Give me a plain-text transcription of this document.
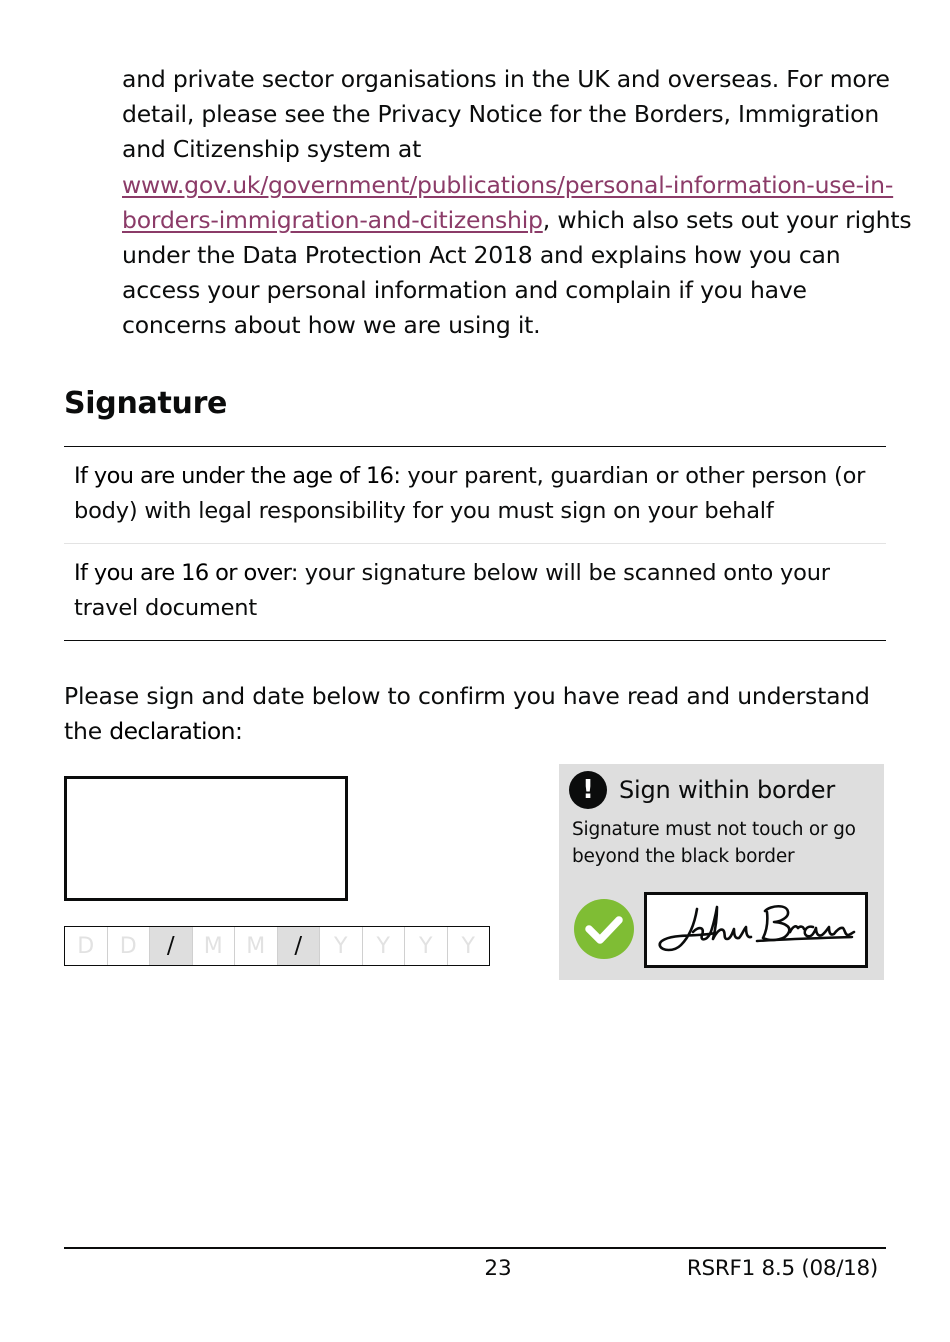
and private sector organisations in the UK and overseas. For more detail, please see the Privacy Notice for the Borders, Immigration and Citizenship system at www.gov.uk/government/publications/personal-information-use-in-borders-immigration-and-citizenship, which also sets out your rights under the Data Protection Act 2018 and explains how you can access your personal information and complain if you have concerns about how we are using it.
Signature
If you are under the age of 16: your parent, guardian or other person (or body) with legal responsibility for you must sign on your behalf
If you are 16 or over: your signature below will be scanned onto your travel document
Please sign and date below to confirm you have read and understand the declaration:
D	D	/	M	M	/	Y	Y	Y	Y
!	Sign within border
Signature must not touch or go beyond the black border
23	RSRF1 8.5 (08/18)
